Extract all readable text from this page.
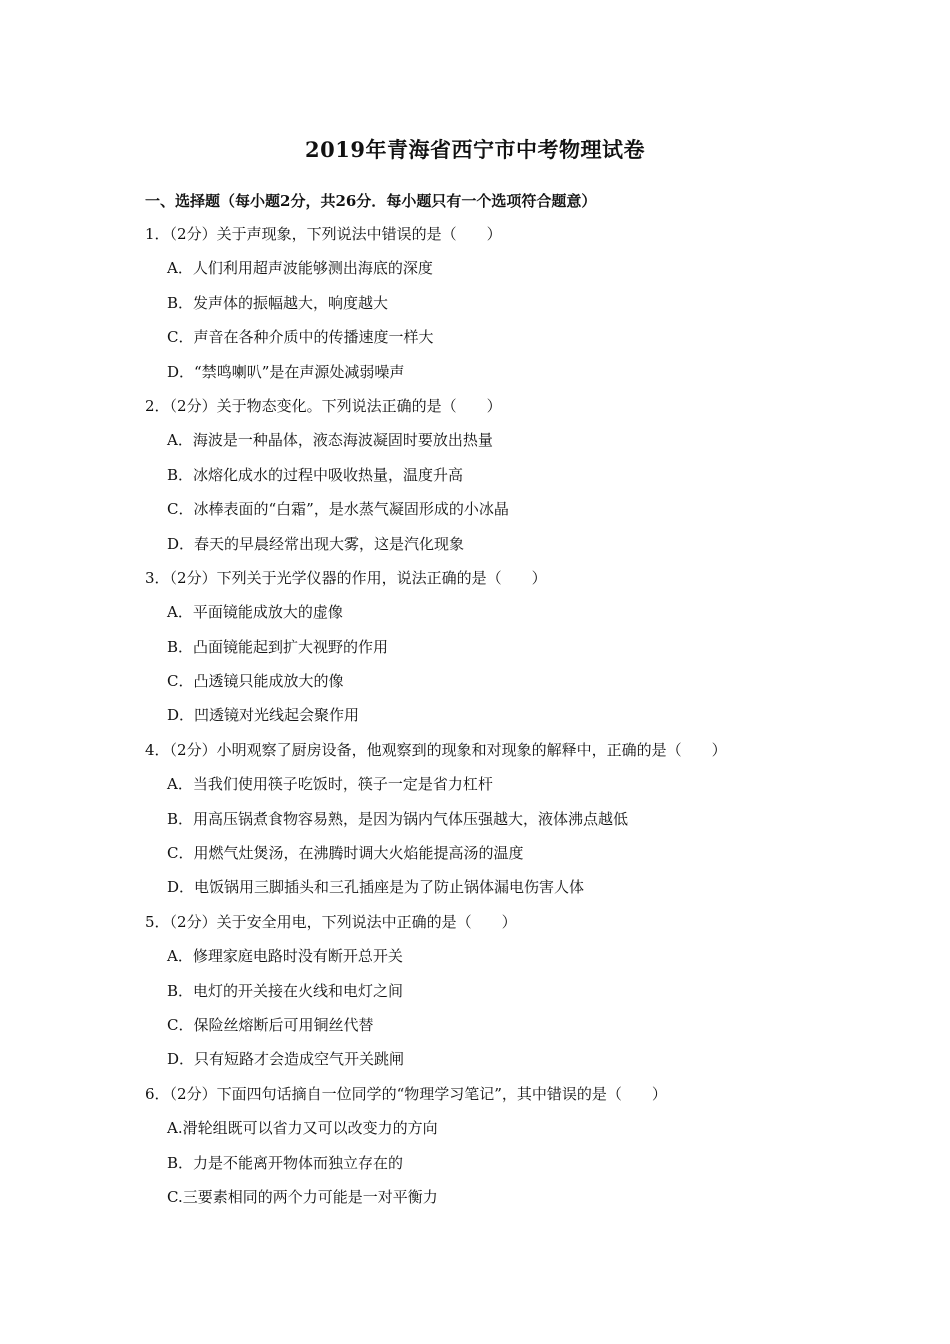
2019年青海省西宁市中考物理试卷
一、选择题（每小题2分，共26分．每小题只有一个选项符合题意）
1．（2分）关于声现象，下列说法中错误的是（　　）
A．人们利用超声波能够测出海底的深度
B．发声体的振幅越大，响度越大
C．声音在各种介质中的传播速度一样大
D．“禁鸣喇叭”是在声源处减弱噪声
2．（2分）关于物态变化。下列说法正确的是（　　）
A．海波是一种晶体，液态海波凝固时要放出热量
B．冰熔化成水的过程中吸收热量，温度升高
C．冰棒表面的“白霜”，是水蒸气凝固形成的小冰晶
D．春天的早晨经常出现大雾，这是汽化现象
3．（2分）下列关于光学仪器的作用，说法正确的是（　　）
A．平面镜能成放大的虚像
B．凸面镜能起到扩大视野的作用
C．凸透镜只能成放大的像
D．凹透镜对光线起会聚作用
4．（2分）小明观察了厨房设备，他观察到的现象和对现象的解释中，正确的是（　　）
A．当我们使用筷子吃饭时，筷子一定是省力杠杆
B．用高压锅煮食物容易熟，是因为锅内气体压强越大，液体沸点越低
C．用燃气灶煲汤，在沸腾时调大火焰能提高汤的温度
D．电饭锅用三脚插头和三孔插座是为了防止锅体漏电伤害人体
5．（2分）关于安全用电，下列说法中正确的是（　　）
A．修理家庭电路时没有断开总开关
B．电灯的开关接在火线和电灯之间
C．保险丝熔断后可用铜丝代替
D．只有短路才会造成空气开关跳闸
6．（2分）下面四句话摘自一位同学的“物理学习笔记”，其中错误的是（　　）
A.滑轮组既可以省力又可以改变力的方向
B．力是不能离开物体而独立存在的
C.三要素相同的两个力可能是一对平衡力
